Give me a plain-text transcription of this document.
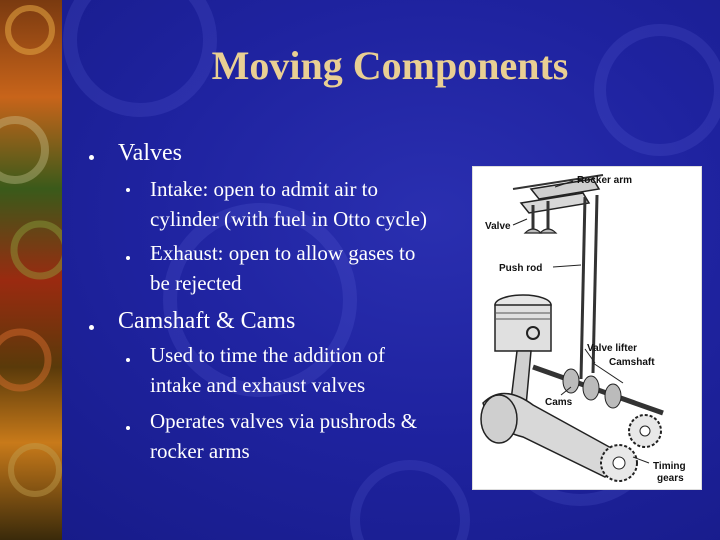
Moving Components
Valves
Intake: open to admit air to
cylinder (with fuel in Otto cycle)
Exhaust: open to allow gases to
be rejected
Camshaft & Cams
Used to time the addition of
intake and exhaust valves
Operates valves via pushrods &
rocker arms
Rocker arm
Valve
Push rod
Valve lifter
Camshaft
Cams
Timing
gears
